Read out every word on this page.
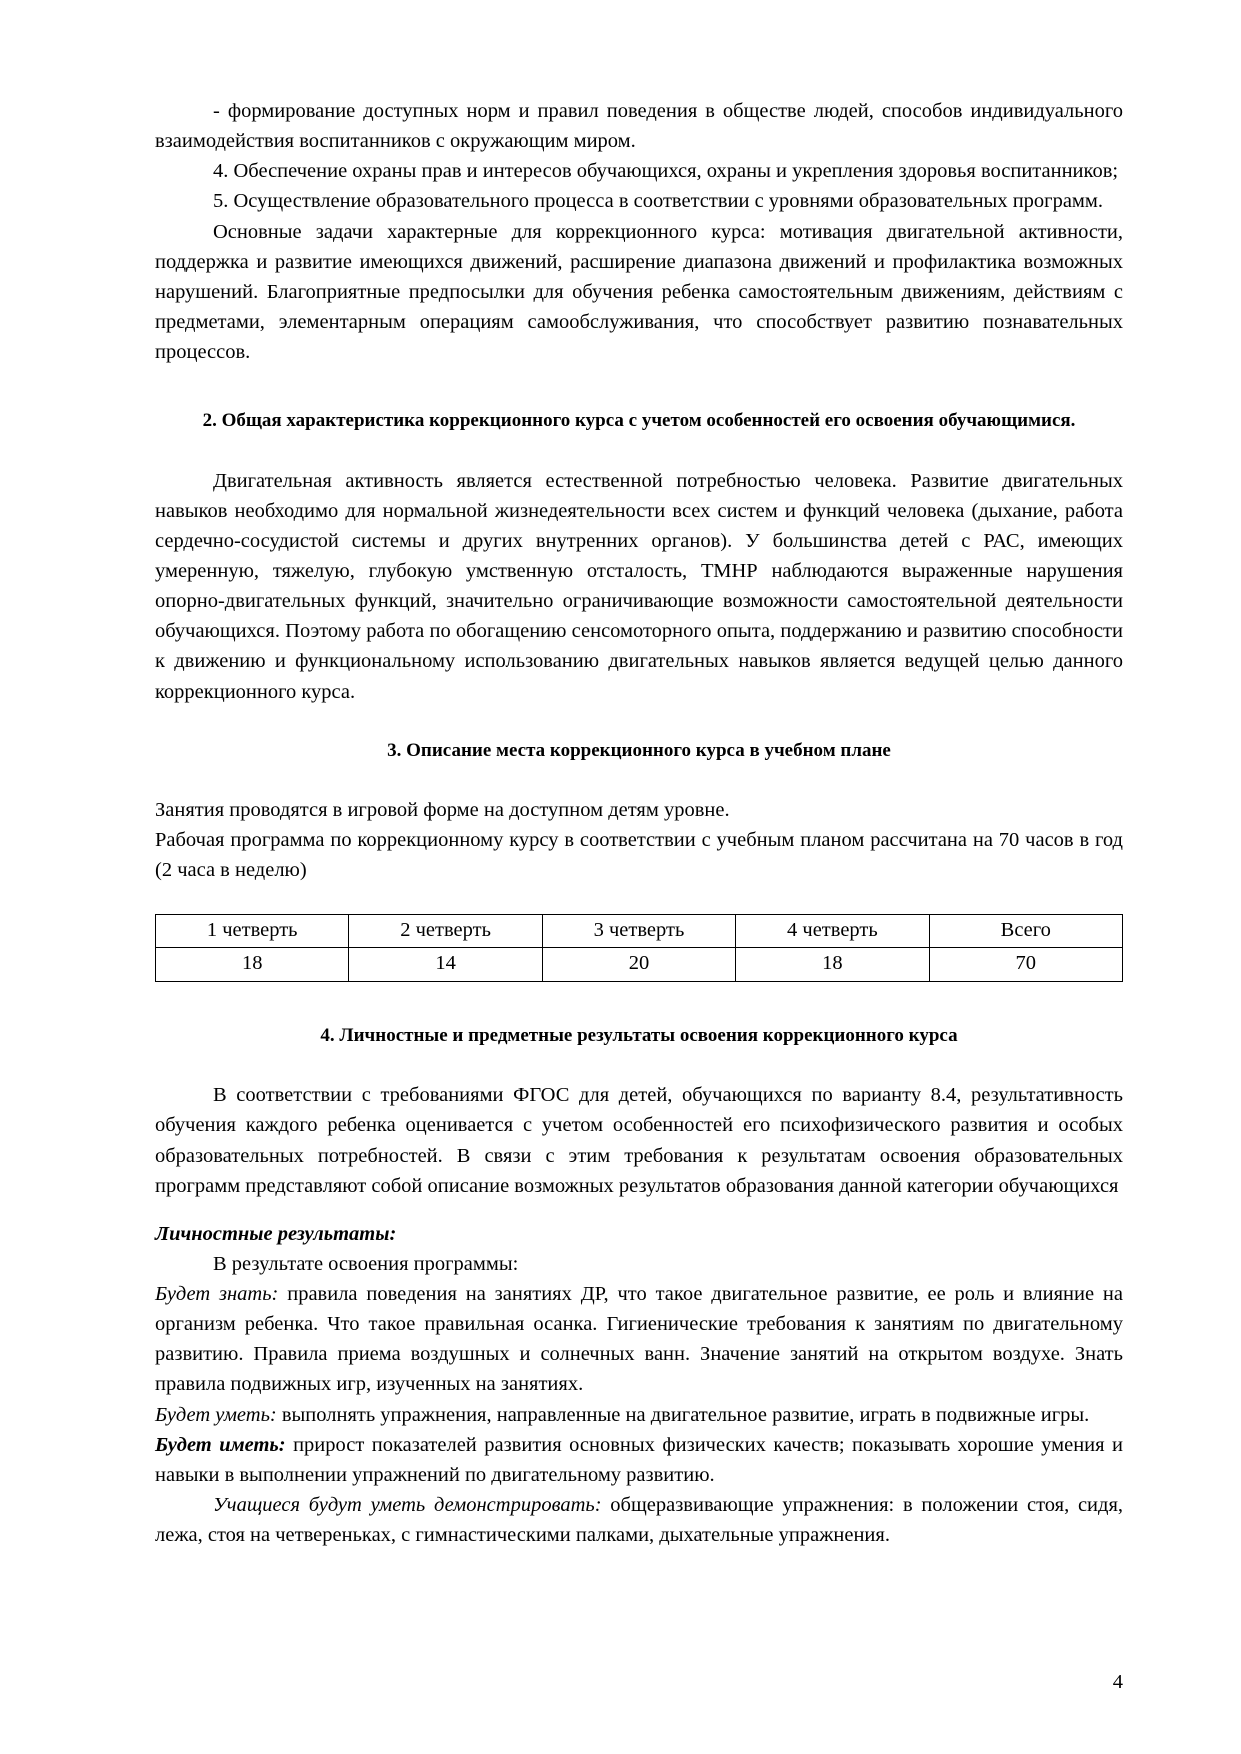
- формирование доступных норм и правил поведения в обществе людей, способов индивидуального взаимодействия воспитанников с окружающим миром.

4. Обеспечение охраны прав и интересов обучающихся, охраны и укрепления здоровья воспитанников;

5. Осуществление образовательного процесса в соответствии с уровнями образовательных программ.

Основные задачи характерные для коррекционного курса: мотивация двигательной активности, поддержка и развитие имеющихся движений, расширение диапазона движений и профилактика возможных нарушений. Благоприятные предпосылки для обучения ребенка самостоятельным движениям, действиям с предметами, элементарным операциям самообслуживания, что способствует развитию познавательных процессов.

2. Общая характеристика коррекционного курса с учетом особенностей его освоения обучающимися.

Двигательная активность является естественной потребностью человека. Развитие двигательных навыков необходимо для нормальной жизнедеятельности всех систем и функций человека (дыхание, работа сердечно-сосудистой системы и других внутренних органов). У большинства детей с РАС, имеющих умеренную, тяжелую, глубокую умственную отсталость, ТМНР наблюдаются выраженные нарушения опорно-двигательных функций, значительно ограничивающие возможности самостоятельной деятельности обучающихся. Поэтому работа по обогащению сенсомоторного опыта, поддержанию и развитию способности к движению и функциональному использованию двигательных навыков является ведущей целью данного коррекционного курса.

3. Описание места коррекционного курса в учебном плане

Занятия проводятся в игровой форме на доступном детям уровне.

Рабочая программа по коррекционному курсу в соответствии с учебным планом рассчитана на 70 часов в год (2 часа в неделю)

1 четверть	2 четверть	3 четверть	4 четверть	Всего
18	14	20	18	70

4. Личностные и предметные результаты освоения коррекционного курса

В соответствии с требованиями ФГОС для детей, обучающихся по варианту 8.4, результативность обучения каждого ребенка оценивается с учетом особенностей его психофизического развития и особых образовательных потребностей. В связи с этим требования к результатам освоения образовательных программ представляют собой описание возможных результатов образования данной категории обучающихся

Личностные результаты:

В результате освоения программы:

Будет знать: правила поведения на занятиях ДР, что такое двигательное развитие, ее роль и влияние на организм ребенка. Что такое правильная осанка. Гигиенические требования к занятиям по двигательному развитию. Правила приема воздушных и солнечных ванн. Значение занятий на открытом воздухе. Знать правила подвижных игр, изученных на занятиях.

Будет уметь: выполнять упражнения, направленные на двигательное развитие, играть в подвижные игры.

Будет иметь: прирост показателей развития основных физических качеств; показывать хорошие умения и навыки в выполнении упражнений по двигательному развитию.

Учащиеся будут уметь демонстрировать: общеразвивающие упражнения: в положении стоя, сидя, лежа, стоя на четвереньках, с гимнастическими палками, дыхательные упражнения.

4
